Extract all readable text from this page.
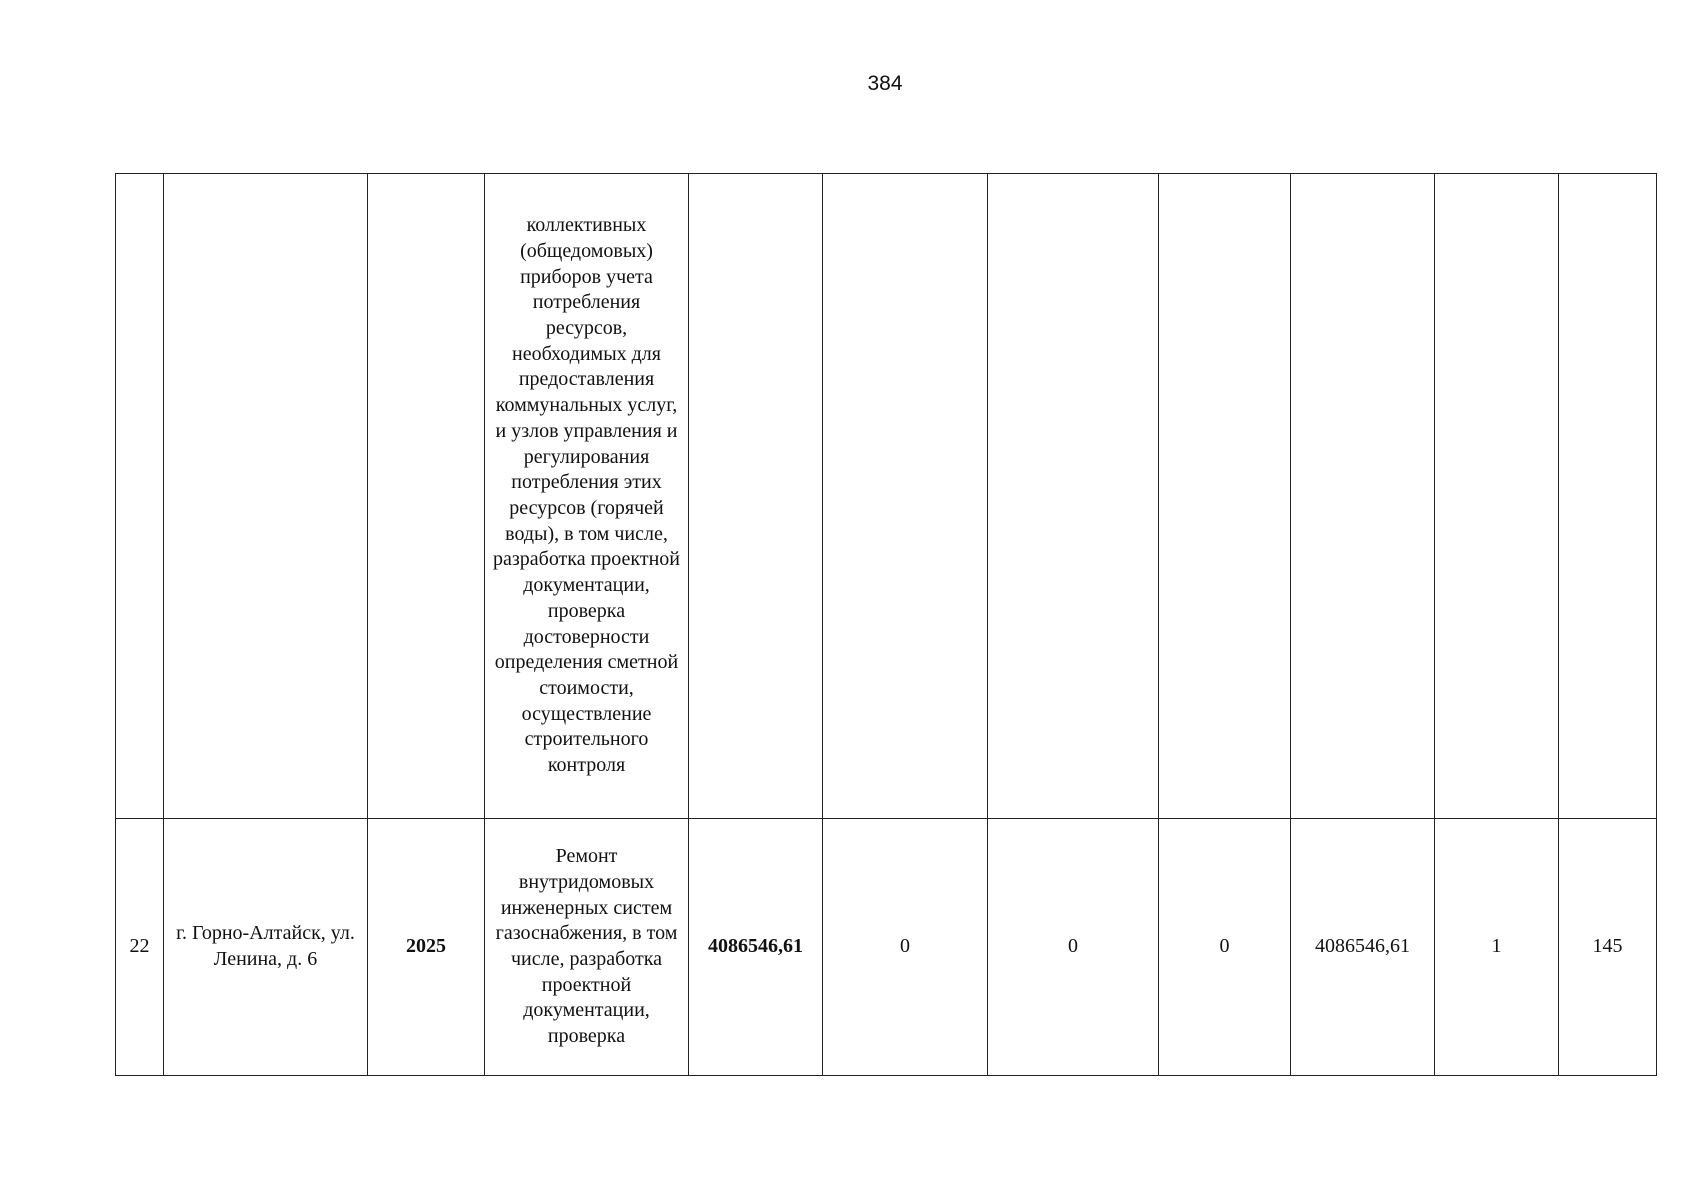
384
			коллективных (общедомовых) приборов учета потребления ресурсов, необходимых для предоставления коммунальных услуг, и узлов управления и регулирования потребления этих ресурсов (горячей воды), в том числе, разработка проектной документации, проверка достоверности определения сметной стоимости, осуществление строительного контроля							
22	г. Горно-Алтайск, ул. Ленина, д. 6	2025	Ремонт внутридомовых инженерных систем газоснабжения, в том числе, разработка проектной документации, проверка	4086546,61	0	0	0	4086546,61	1	145
